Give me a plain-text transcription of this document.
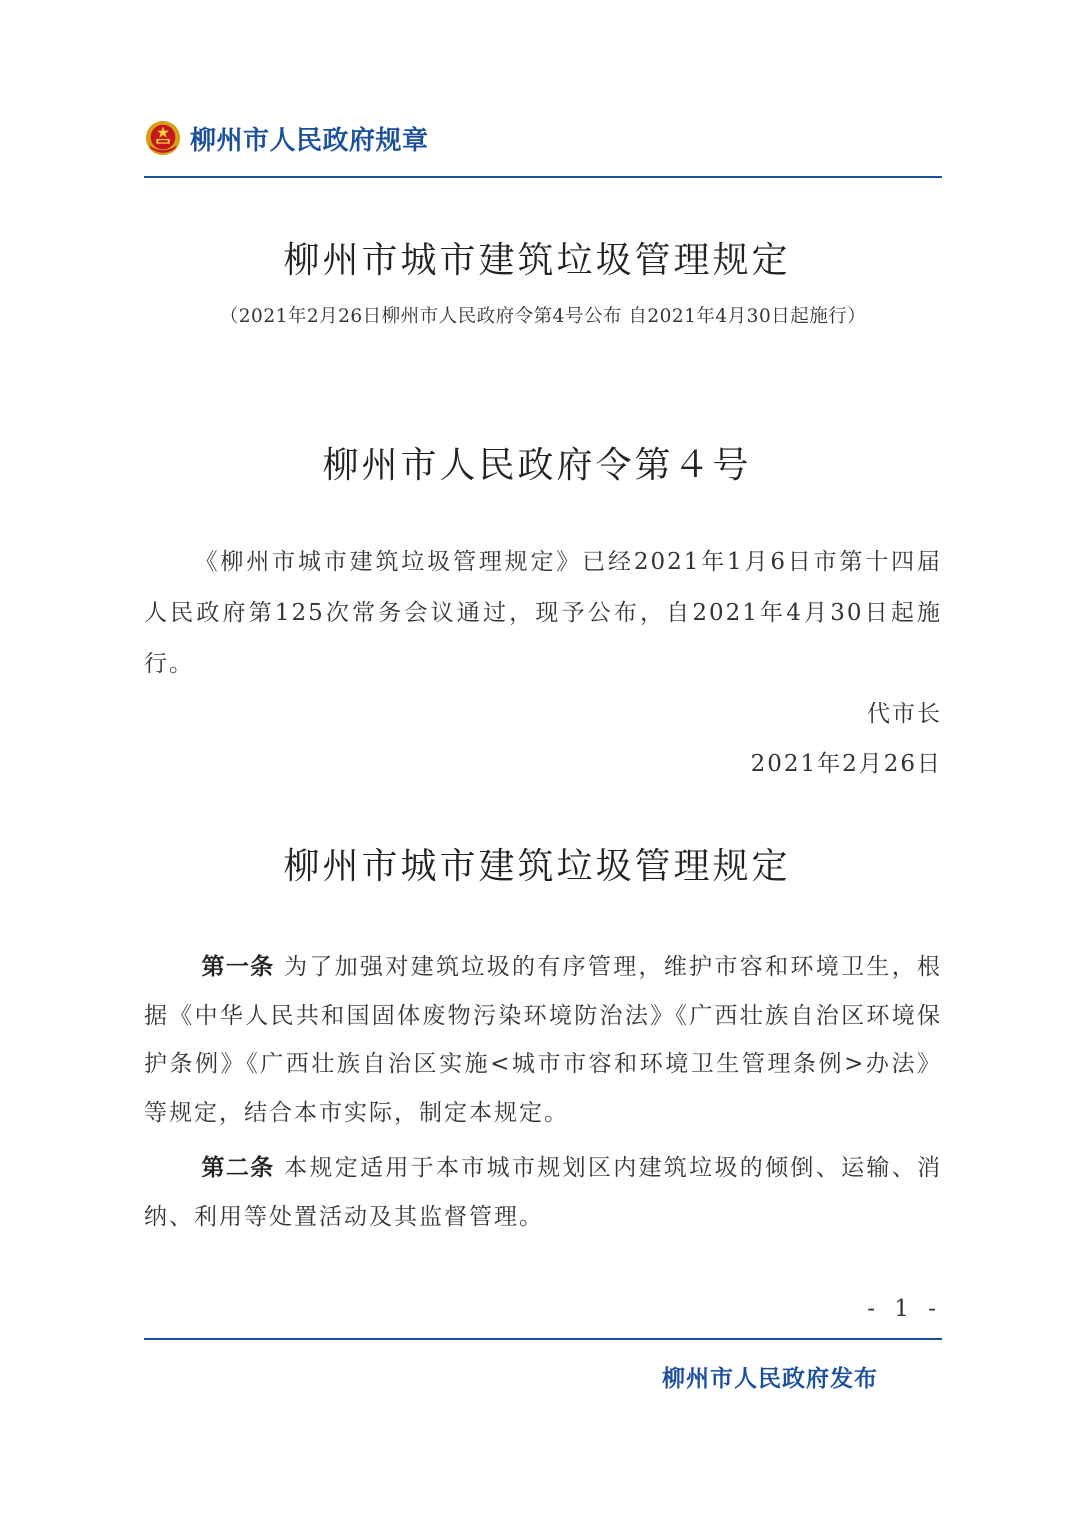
柳州市人民政府规章
柳州市城市建筑垃圾管理规定
（2021年2月26日柳州市人民政府令第4号公布 自2021年4月30日起施行）
柳州市人民政府令第４号
《柳州市城市建筑垃圾管理规定》已经2021年1月6日市第十四届人民政府第125次常务会议通过，现予公布，自2021年4月30日起施行。
代市长
2021年2月26日
柳州市城市建筑垃圾管理规定
第一条 为了加强对建筑垃圾的有序管理，维护市容和环境卫生，根据《中华人民共和国固体废物污染环境防治法》《广西壮族自治区环境保护条例》《广西壮族自治区实施<城市市容和环境卫生管理条例>办法》等规定，结合本市实际，制定本规定。
第二条 本规定适用于本市城市规划区内建筑垃圾的倾倒、运输、消纳、利用等处置活动及其监督管理。
- 1 -
柳州市人民政府发布
